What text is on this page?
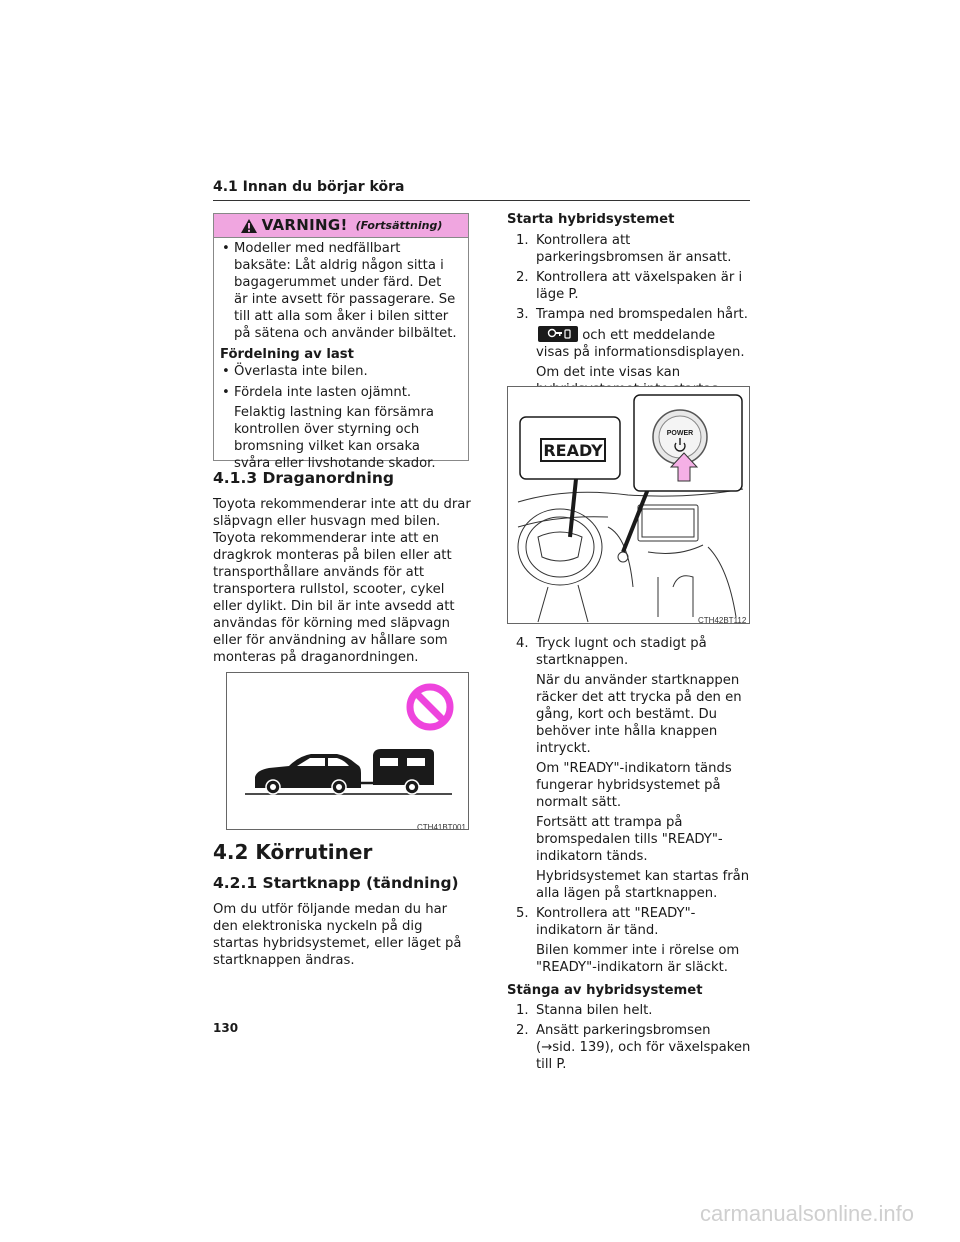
4.1 Innan du börjar köra
VARNING! (Fortsättning)

• Modeller med nedfällbart baksäte: Låt aldrig någon sitta i bagagerummet under färd. Det är inte avsett för passagerare. Se till att alla som åker i bilen sitter på sätena och använder bilbältet.

Fördelning av last

• Överlasta inte bilen.

• Fördela inte lasten ojämnt.

Felaktig lastning kan försämra kontrollen över styrning och bromsning vilket kan orsaka svåra eller livshotande skador.

4.1.3 Draganordning

Toyota rekommenderar inte att du drar släpvagn eller husvagn med bilen. Toyota rekommenderar inte att en dragkrok monteras på bilen eller att transporthållare används för att transportera rullstol, scooter, cykel eller dylikt. Din bil är inte avsedd att användas för körning med släpvagn eller för användning av hållare som monteras på draganordningen.

CTH41BT001
4.2 Körrutiner
4.2.1 Startknapp (tändning)

Om du utför följande medan du har den elektroniska nyckeln på dig startas hybridsystemet, eller läget på startknappen ändras.

Starta hybridsystemet

1. Kontrollera att parkeringsbromsen är ansatt.
2. Kontrollera att växelspaken är i läge P.
3. Trampa ned bromspedalen hårt.
och ett meddelande visas på informationsdisplayen.
Om det inte visas kan
READY
POWER
CTH42BT112
4. Tryck lugnt och stadigt på startknappen.
När du använder startknappen räcker det att trycka på den en gång, kort och bestämt. Du behöver inte hålla knappen intryckt.
Om "READY"-indikatorn tänds fungerar hybridsystemet på normalt sätt.
Fortsätt att trampa på bromspedalen tills "READY"-indikatorn tänds.
Hybridsystemet kan startas från alla lägen på startknappen.
5. Kontrollera att "READY"-indikatorn är tänd.
Bilen kommer inte i rörelse om "READY"-indikatorn är släckt.

Stänga av hybridsystemet

1. Stanna bilen helt.
2. Ansätt parkeringsbromsen (→sid. 139), och för växelspaken till P.
130
carmanualsonline.info
